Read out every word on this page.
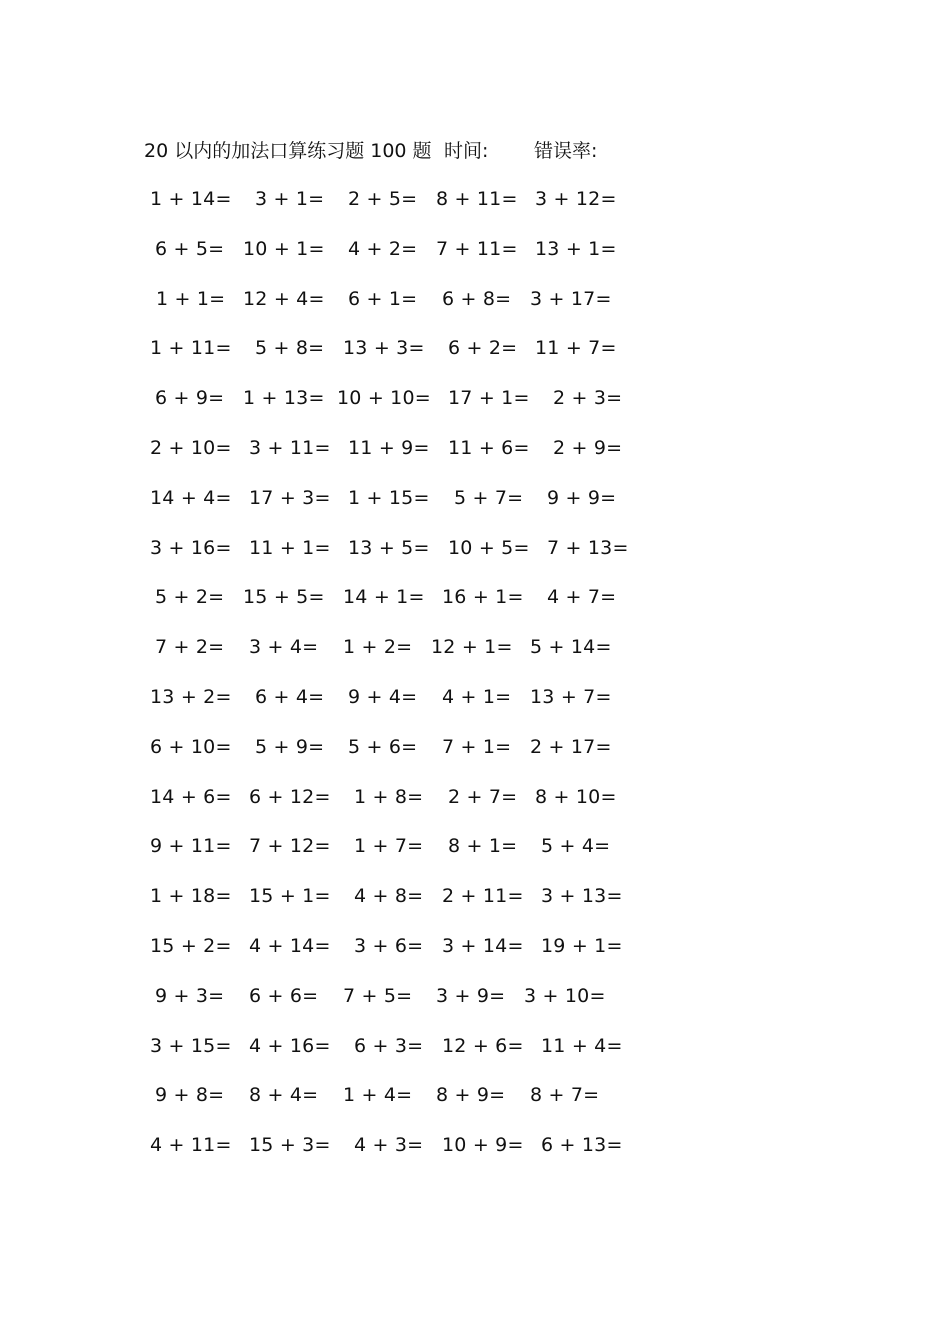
20 以内的加法口算练习题 100 题 时间: 错误率:
1 + 14= 3 + 1= 2 + 5= 8 + 11= 3 + 12=
6 + 5= 10 + 1= 4 + 2= 7 + 11= 13 + 1=
1 + 1= 12 + 4= 6 + 1= 6 + 8= 3 + 17=
1 + 11= 5 + 8= 13 + 3= 6 + 2= 11 + 7=
6 + 9= 1 + 13= 10 + 10= 17 + 1= 2 + 3=
2 + 10= 3 + 11= 11 + 9= 11 + 6= 2 + 9=
14 + 4= 17 + 3= 1 + 15= 5 + 7= 9 + 9=
3 + 16= 11 + 1= 13 + 5= 10 + 5= 7 + 13=
5 + 2= 15 + 5= 14 + 1= 16 + 1= 4 + 7=
7 + 2= 3 + 4= 1 + 2= 12 + 1= 5 + 14=
13 + 2= 6 + 4= 9 + 4= 4 + 1= 13 + 7=
6 + 10= 5 + 9= 5 + 6= 7 + 1= 2 + 17=
14 + 6= 6 + 12= 1 + 8= 2 + 7= 8 + 10=
9 + 11= 7 + 12= 1 + 7= 8 + 1= 5 + 4=
1 + 18= 15 + 1= 4 + 8= 2 + 11= 3 + 13=
15 + 2= 4 + 14= 3 + 6= 3 + 14= 19 + 1=
9 + 3= 6 + 6= 7 + 5= 3 + 9= 3 + 10=
3 + 15= 4 + 16= 6 + 3= 12 + 6= 11 + 4=
9 + 8= 8 + 4= 1 + 4= 8 + 9= 8 + 7=
4 + 11= 15 + 3= 4 + 3= 10 + 9= 6 + 13=
